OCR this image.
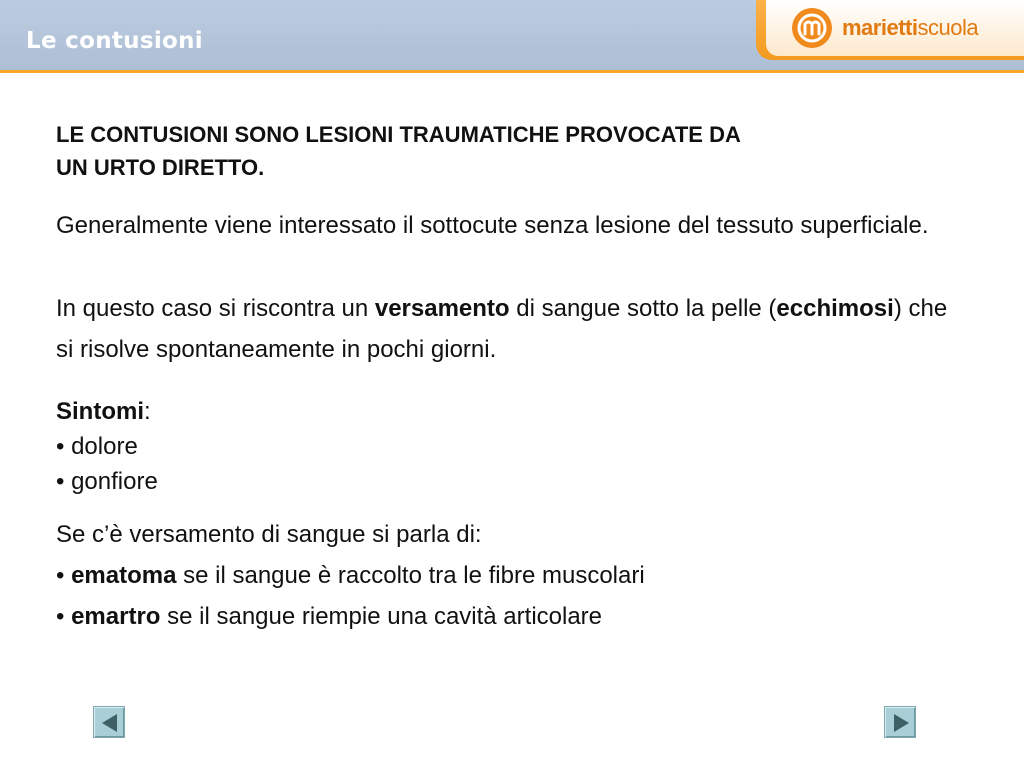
Le contusioni
mariettiscuola
LE CONTUSIONI SONO LESIONI TRAUMATICHE PROVOCATE DA
UN URTO DIRETTO.
Generalmente viene interessato il sottocute senza lesione del tessuto superficiale.
In questo caso si riscontra un versamento di sangue sotto la pelle (ecchimosi) che si risolve spontaneamente in pochi giorni.
Sintomi:
• dolore
• gonfiore
Se c’è versamento di sangue si parla di:
• ematoma se il sangue è raccolto tra le fibre muscolari
• emartro se il sangue riempie una cavità articolare
